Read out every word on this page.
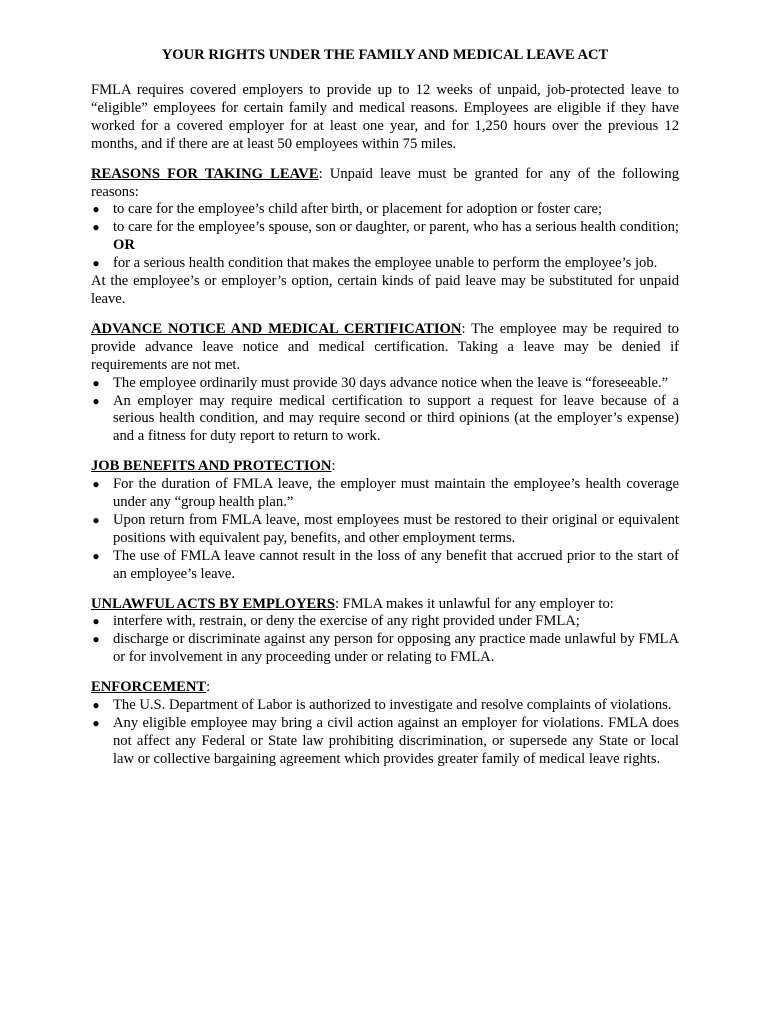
YOUR RIGHTS UNDER THE FAMILY AND MEDICAL LEAVE ACT

FMLA requires covered employers to provide up to 12 weeks of unpaid, job-protected leave to “eligible” employees for certain family and medical reasons. Employees are eligible if they have worked for a covered employer for at least one year, and for 1,250 hours over the previous 12 months, and if there are at least 50 employees within 75 miles.

REASONS FOR TAKING LEAVE: Unpaid leave must be granted for any of the following reasons:

● to care for the employee’s child after birth, or placement for adoption or foster care;
● to care for the employee’s spouse, son or daughter, or parent, who has a serious health condition; OR
● for a serious health condition that makes the employee unable to perform the employee’s job.

At the employee’s or employer’s option, certain kinds of paid leave may be substituted for unpaid leave.

ADVANCE NOTICE AND MEDICAL CERTIFICATION: The employee may be required to provide advance leave notice and medical certification. Taking a leave may be denied if requirements are not met.

● The employee ordinarily must provide 30 days advance notice when the leave is “foreseeable.”
● An employer may require medical certification to support a request for leave because of a serious health condition, and may require second or third opinions (at the employer’s expense) and a fitness for duty report to return to work.

JOB BENEFITS AND PROTECTION:

● For the duration of FMLA leave, the employer must maintain the employee’s health coverage under any “group health plan.”
● Upon return from FMLA leave, most employees must be restored to their original or equivalent positions with equivalent pay, benefits, and other employment terms.
● The use of FMLA leave cannot result in the loss of any benefit that accrued prior to the start of an employee’s leave.

UNLAWFUL ACTS BY EMPLOYERS: FMLA makes it unlawful for any employer to:

● interfere with, restrain, or deny the exercise of any right provided under FMLA;
● discharge or discriminate against any person for opposing any practice made unlawful by FMLA or for involvement in any proceeding under or relating to FMLA.

ENFORCEMENT:

● The U.S. Department of Labor is authorized to investigate and resolve complaints of violations.
● Any eligible employee may bring a civil action against an employer for violations. FMLA does not affect any Federal or State law prohibiting discrimination, or supersede any State or local law or collective bargaining agreement which provides greater family of medical leave rights.
